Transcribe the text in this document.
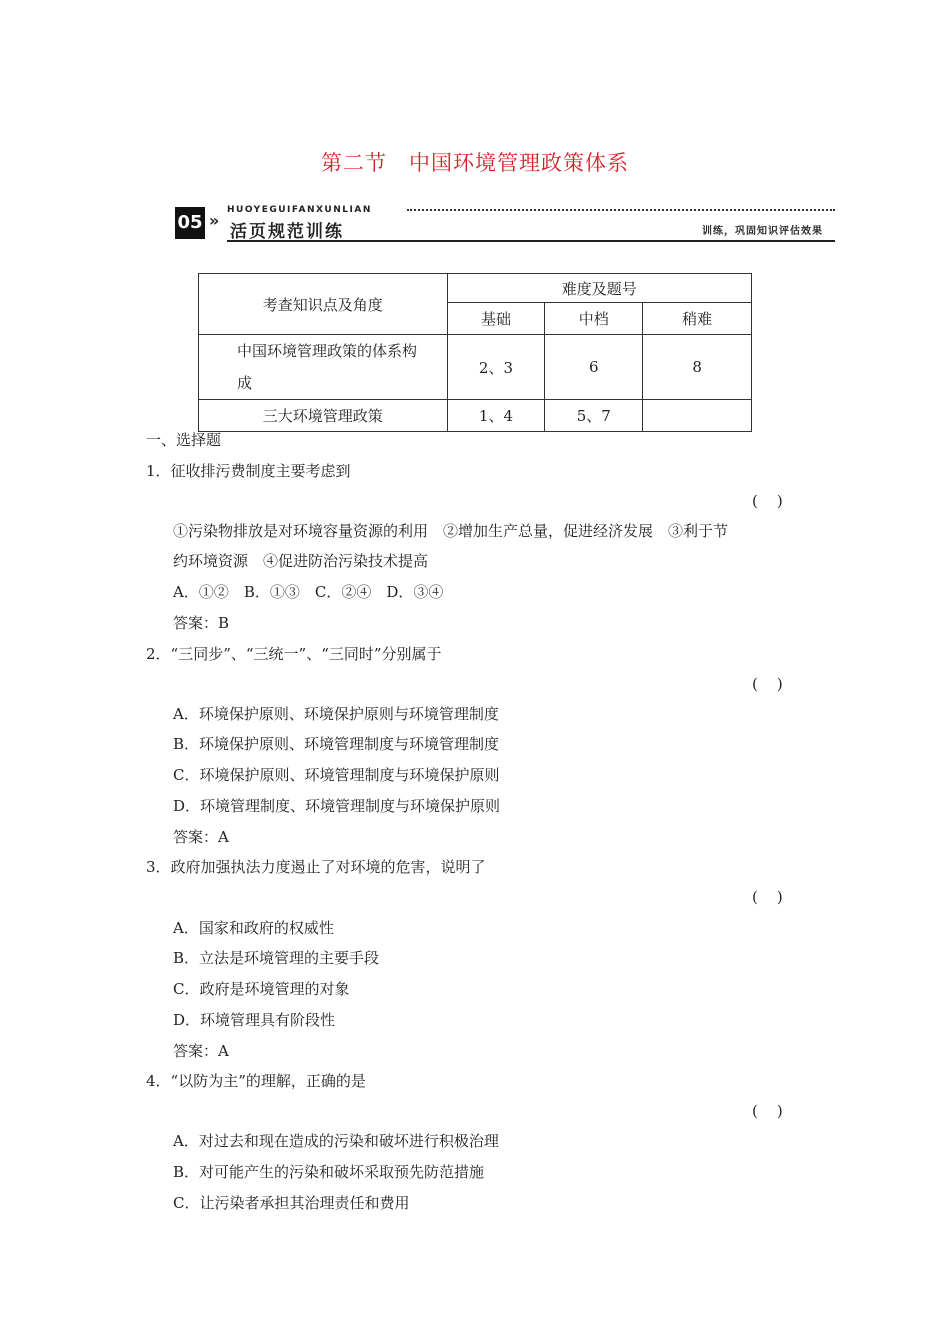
第二节　中国环境管理政策体系
05 »
HUOYEGUIFANXUNLIAN
活页规范训练	训练，巩固知识评估效果
考查知识点及角度	难度及题号		
	基础	中档	稍难

中国环境管理政策的体系构
成	2、3	6	8
三大环境管理政策	1、4	5、7	
一、选择题
1．征收排污费制度主要考虑到
(    )
①污染物排放是对环境容量资源的利用　②增加生产总量，促进经济发展　③利于节
约环境资源　④促进防治污染技术提高
A．①②　B．①③　C．②④　D．③④
答案：B
2．“三同步”、“三统一”、“三同时”分别属于
(    )
A．环境保护原则、环境保护原则与环境管理制度
B．环境保护原则、环境管理制度与环境管理制度
C．环境保护原则、环境管理制度与环境保护原则
D．环境管理制度、环境管理制度与环境保护原则
答案：A
3．政府加强执法力度遏止了对环境的危害，说明了
(    )
A．国家和政府的权威性
B．立法是环境管理的主要手段
C．政府是环境管理的对象
D．环境管理具有阶段性
答案：A
4．“以防为主”的理解，正确的是
(    )
A．对过去和现在造成的污染和破坏进行积极治理
B．对可能产生的污染和破坏采取预先防范措施
C．让污染者承担其治理责任和费用
